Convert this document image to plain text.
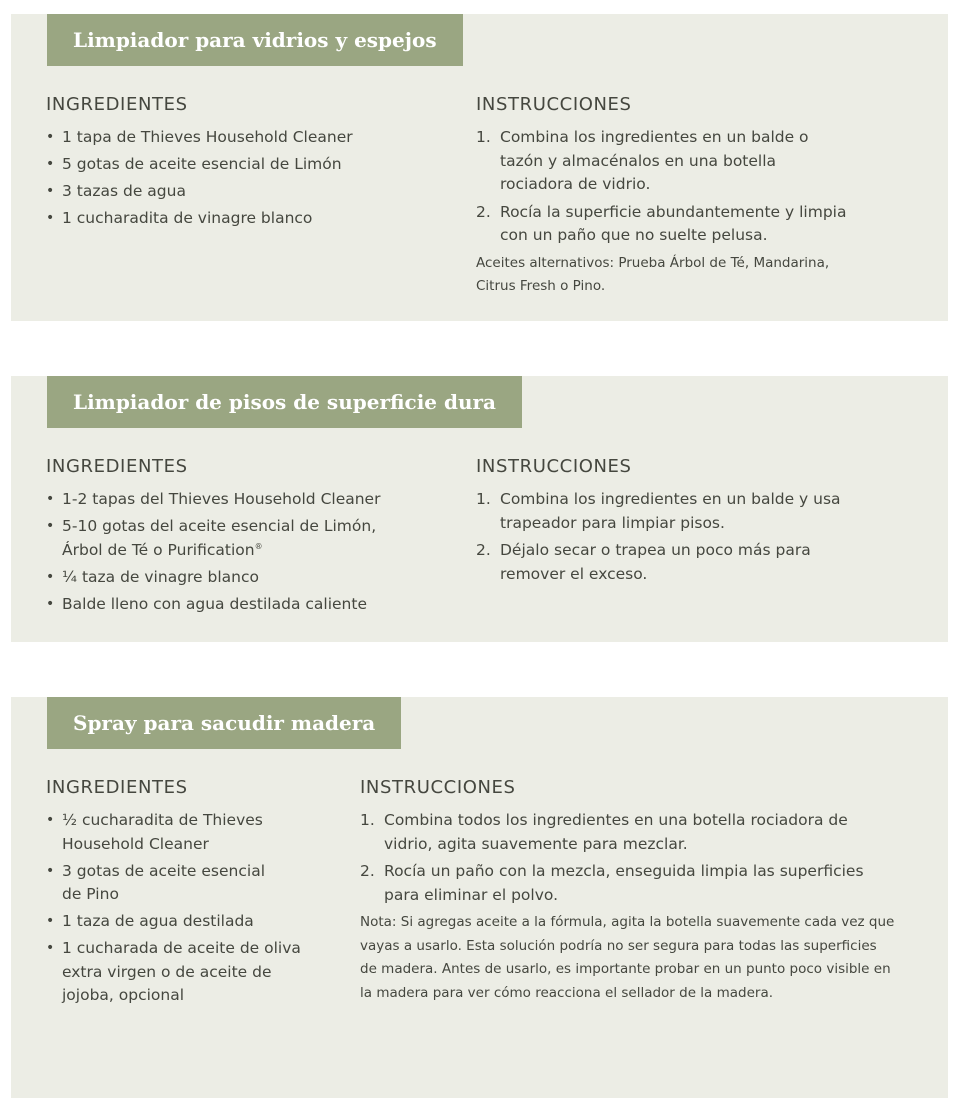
Limpiador para vidrios y espejos
INGREDIENTES
• 1 tapa de Thieves Household Cleaner
• 5 gotas de aceite esencial de Limón
• 3 tazas de agua
• 1 cucharadita de vinagre blanco
INSTRUCCIONES
1. Combina los ingredientes en un balde o tazón y almacénalos en una botella rociadora de vidrio.
2. Rocía la superficie abundantemente y limpia con un paño que no suelte pelusa.
Aceites alternativos: Prueba Árbol de Té, Mandarina, Citrus Fresh o Pino.
Limpiador de pisos de superficie dura
INGREDIENTES
• 1-2 tapas del Thieves Household Cleaner
• 5-10 gotas del aceite esencial de Limón, Árbol de Té o Purification®
• ¼ taza de vinagre blanco
• Balde lleno con agua destilada caliente
INSTRUCCIONES
1. Combina los ingredientes en un balde y usa trapeador para limpiar pisos.
2. Déjalo secar o trapea un poco más para remover el exceso.
Spray para sacudir madera
INGREDIENTES
• ½ cucharadita de Thieves Household Cleaner
• 3 gotas de aceite esencial de Pino
• 1 taza de agua destilada
• 1 cucharada de aceite de oliva extra virgen o de aceite de jojoba, opcional
INSTRUCCIONES
1. Combina todos los ingredientes en una botella rociadora de vidrio, agita suavemente para mezclar.
2. Rocía un paño con la mezcla, enseguida limpia las superficies para eliminar el polvo.
Nota: Si agregas aceite a la fórmula, agita la botella suavemente cada vez que vayas a usarlo. Esta solución podría no ser segura para todas las superficies de madera. Antes de usarlo, es importante probar en un punto poco visible en la madera para ver cómo reacciona el sellador de la madera.
